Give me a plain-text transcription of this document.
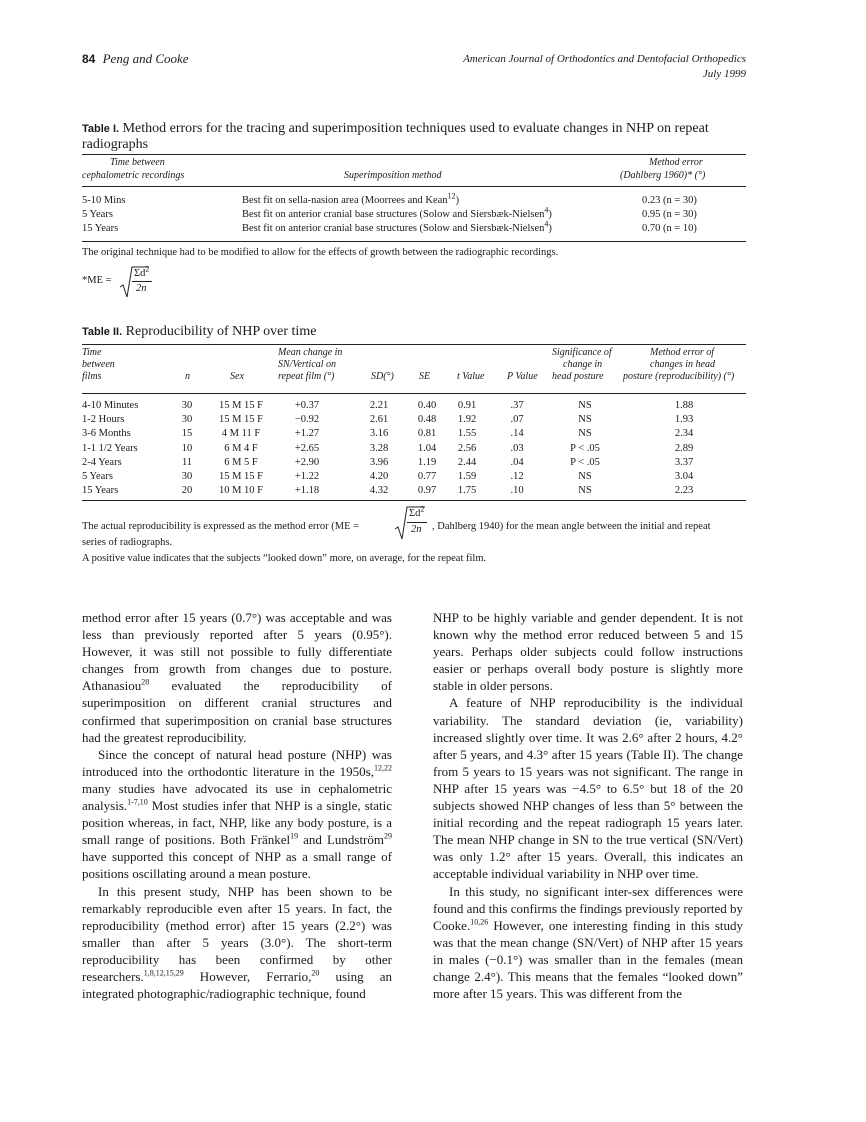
84 Peng and Cooke	American Journal of Orthodontics and Dentofacial Orthopedics
July 1999
Table I. Method errors for the tracing and superimposition techniques used to evaluate changes in NHP on repeat radiographs
Time between
cephalometric recordings	Superimposition method
Method error
(Dahlberg 1960)* (°)
5-10 Mins	Best fit on sella-nasion area (Moorrees and Kean$^{12}$)	0.23 (n = 30)
5 Years	Best fit on anterior cranial base structures (Solow and Siersbæk-Nielsen$^4$)	0.95 (n = 30)
15 Years	Best fit on anterior cranial base structures (Solow and Siersbæk-Nielsen$^4$)	0.70 (n = 10)
The original technique had to be modified to allow for the effects of growth between the radiographic recordings.
*ME =
$\Sigma d^2$
2n
Table II. Reproducibility of NHP over time
Time
between
films	n	Sex
Mean change in
SN/Vertical on
repeat film (°)	SD(°)	SE	t Value P Value
Significance of
change in
head posture
Method error of
changes in head
posture (reproducibility) (°)
4-10 Minutes	30	15 M 15 F	+0.37	2.21	0.40	0.91	.37	NS	1.88
1-2 Hours	30	15 M 15 F	−0.92	2.61	0.48	1.92	.07	NS	1.93
3-6 Months	15	4 M 11 F	+1.27	3.16	0.81	1.55	.14	NS	2.34
1-1 1/2 Years	10	6 M 4 F	+2.65	3.28	1.04	2.56	.03	P < .05	2.89
2-4 Years	11	6 M 5 F	+2.90	3.96	1.19	2.44	.04	P < .05	3.37
5 Years	30	15 M 15 F	+1.22	4.20	0.77	1.59	.12	NS	3.04
15 Years	20	10 M 10 F	+1.18	4.32	0.97	1.75	.10	NS	2.23
The actual reproducibility is expressed as the method error (ME =
$\Sigma d^2$
2n , Dahlberg 1940) for the mean angle between the initial and repeat
series of radiographs.
A positive value indicates that the subjects “looked down” more, on average, for the repeat film.

method error after 15 years (0.7°) was acceptable and was less than previously reported after 5 years (0.95°). However, it was still not possible to fully differentiate changes from growth from changes due to posture. Athanasiou$^{28}$ evaluated the reproducibility of superimposition on different cranial structures and confirmed that superimposition on cranial base structures had the greatest reproducibility.

Since the concept of natural head posture (NHP) was introduced into the orthodontic literature in the 1950s,$^{12,22}$ many studies have advocated its use in cephalometric analysis.$^{1-7,10}$ Most studies infer that NHP is a single, static position whereas, in fact, NHP, like any body posture, is a small range of positions. Both Fränkel$^{19}$ and Lundström$^{29}$ have supported this concept of NHP as a small range of positions oscillating around a mean posture.

In this present study, NHP has been shown to be remarkably reproducible even after 15 years. In fact, the reproducibility (method error) after 15 years (2.2°) was smaller than after 5 years (3.0°). The short-term reproducibility has been confirmed by other researchers.$^{1,8,12,15,29}$ However, Ferrario,$^{20}$ using an integrated photographic/radiographic technique, found

NHP to be highly variable and gender dependent. It is not known why the method error reduced between 5 and 15 years. Perhaps older subjects could follow instructions easier or perhaps overall body posture is slightly more stable in older persons.

A feature of NHP reproducibility is the individual variability. The standard deviation (ie, variability) increased slightly over time. It was 2.6° after 2 hours, 4.2° after 5 years, and 4.3° after 15 years (Table II). The change from 5 years to 15 years was not significant. The range in NHP after 15 years was −4.5° to 6.5° but 18 of the 20 subjects showed NHP changes of less than 5° between the initial recording and the repeat radiograph 15 years later. The mean NHP change in SN to the true vertical (SN/Vert) was only 1.2° after 15 years. Overall, this indicates an acceptable individual variability in NHP over time.

In this study, no significant inter-sex differences were found and this confirms the findings previously reported by Cooke.$^{10,26}$ However, one interesting finding in this study was that the mean change (SN/Vert) of NHP after 15 years in males (−0.1°) was smaller than in the females (mean change 2.4°). This means that the females “looked down” more after 15 years. This was different from the
